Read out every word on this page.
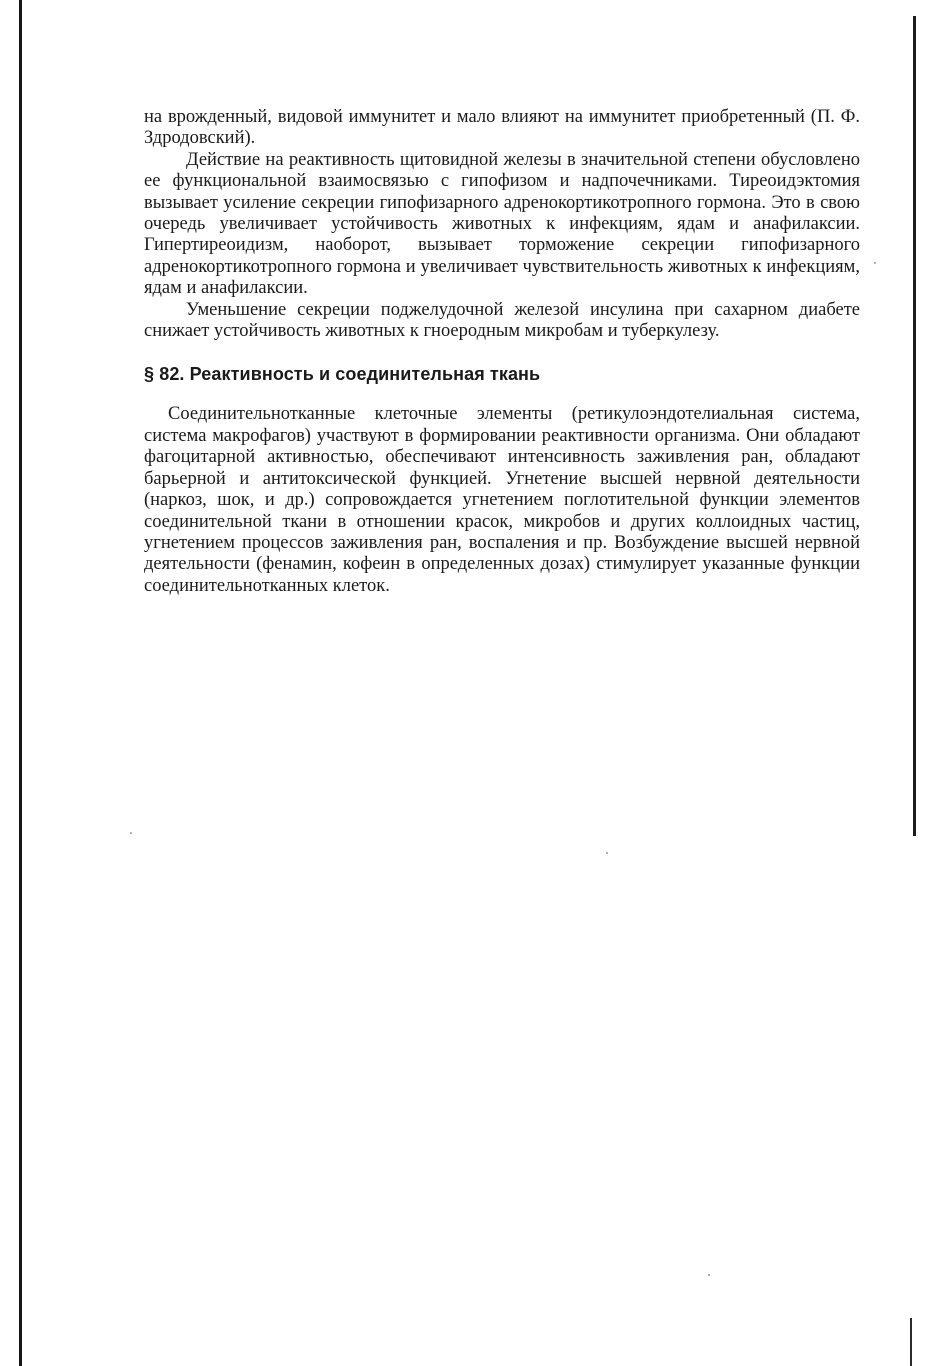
на врожденный, видовой иммунитет и мало влияют на иммунитет приобретенный (П. Ф. Здродовский).

Действие на реактивность щитовидной железы в значительной степени обусловлено ее функциональной взаимосвязью с гипофизом и надпочечниками. Тиреоидэктомия вызывает усиление секреции гипофизарного адренокортикотропного гормона. Это в свою очередь увеличивает устойчивость животных к инфекциям, ядам и анафилаксии. Гипертиреоидизм, наоборот, вызывает торможение секреции гипофизарного адренокортикотропного гормона и увеличивает чувствительность животных к инфекциям, ядам и анафилаксии.

Уменьшение секреции поджелудочной железой инсулина при сахарном диабете снижает устойчивость животных к гноеродным микробам и туберкулезу.

§ 82. Реактивность и соединительная ткань

Соединительнотканные клеточные элементы (ретикулоэндотелиальная система, система макрофагов) участвуют в формировании реактивности организма. Они обладают фагоцитарной активностью, обеспечивают интенсивность заживления ран, обладают барьерной и антитоксической функцией. Угнетение высшей нервной деятельности (наркоз, шок, и др.) сопровождается угнетением поглотительной функции элементов соединительной ткани в отношении красок, микробов и других коллоидных частиц, угнетением процессов заживления ран, воспаления и пр. Возбуждение высшей нервной деятельности (фенамин, кофеин в определенных дозах) стимулирует указанные функции соединительнотканных клеток.
